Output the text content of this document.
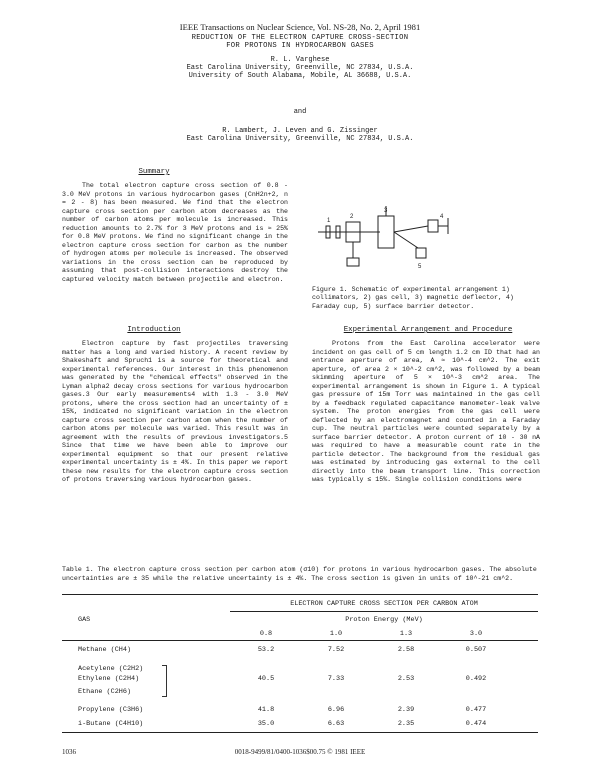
IEEE Transactions on Nuclear Science, Vol. NS-28, No. 2, April 1981
REDUCTION OF THE ELECTRON CAPTURE CROSS-SECTION
FOR PROTONS IN HYDROCARBON GASES
R. L. Varghese
East Carolina University, Greenville, NC 27834, U.S.A.
University of South Alabama, Mobile, AL 36688, U.S.A.
and
R. Lambert, J. Leven and G. Zissinger
East Carolina University, Greenville, NC 27834, U.S.A.
Summary
The total electron capture cross section of 0.8 - 3.0 MeV protons in various hydrocarbon gases (CnH2n+2, n = 2 - 8) has been measured. We find that the electron capture cross section per carbon atom decreases as the number of carbon atoms per molecule is increased. This reduction amounts to 2.7% for 3 MeV protons and is ≈ 25% for 0.8 MeV protons. We find no significant change in the electron capture cross section for carbon as the number of hydrogen atoms per molecule is increased. The observed variations in the cross section can be reproduced by assuming that post-collision interactions destroy the captured velocity match between projectile and electron.
Introduction
Electron capture by fast projectiles traversing matter has a long and varied history. A recent review by Shakeshaft and Spruch1 is a source for theoretical and experimental references. Our interest in this phenomenon was generated by the "chemical effects" observed in the Lyman alpha2 decay cross sections for various hydrocarbon gases.3 Our early measurements4 with 1.3 - 3.0 MeV protons, where the cross section had an uncertainty of ± 15%, indicated no significant variation in the electron capture cross section per carbon atom when the number of carbon atoms per molecule was varied. This result was in agreement with the results of previous investigators.5 Since that time we have been able to improve our experimental equipment so that our present relative experimental uncertainty is ± 4%. In this paper we report these new results for the electron capture cross section of protons traversing various hydrocarbon gases.
1
2
3
4
5
Figure 1. Schematic of experimental arrangement 1) collimators, 2) gas cell, 3) magnetic deflector, 4) Faraday cup, 5) surface barrier detector.
Experimental Arrangement and Procedure
Protons from the East Carolina accelerator were incident on gas cell of 5 cm length 1.2 cm ID that had an entrance aperture of area, A ≈ 10^-4 cm^2. The exit aperture, of area 2 × 10^-2 cm^2, was followed by a beam skimming aperture of 5 × 10^-3 cm^2 area. The experimental arrangement is shown in Figure 1. A typical gas pressure of 15m Torr was maintained in the gas cell by a feedback regulated capacitance manometer-leak valve system. The proton energies from the gas cell were deflected by an electromagnet and counted in a Faraday cup. The neutral particles were counted separately by a surface barrier detector. A proton current of 10 - 30 nA was required to have a measurable count rate in the particle detector. The background from the residual gas was estimated by introducing gas external to the cell directly into the beam transport line. This correction was typically ≤ 15%. Single collision conditions were
Table 1. The electron capture cross section per carbon atom (σ10) for protons in various hydrocarbon gases. The absolute uncertainties are ± 35 while the relative uncertainty is ± 4%. The cross section is given in units of 10^-21 cm^2.
ELECTRON CAPTURE CROSS SECTION PER CARBON ATOM
Proton Energy (MeV)
GAS
0.8	1.0	1.3	3.0
Methane (CH4)	53.2	7.52	2.58	0.507
Acetylene (C2H2)
Ethylene (C2H4)	40.5	7.33	2.53	0.492
Ethane (C2H6)
Propylene (C3H6)	41.8	6.96	2.39	0.477
i-Butane (C4H10)	35.0	6.63	2.35	0.474
1036	0018-9499/81/0400-1036$00.75 © 1981 IEEE
